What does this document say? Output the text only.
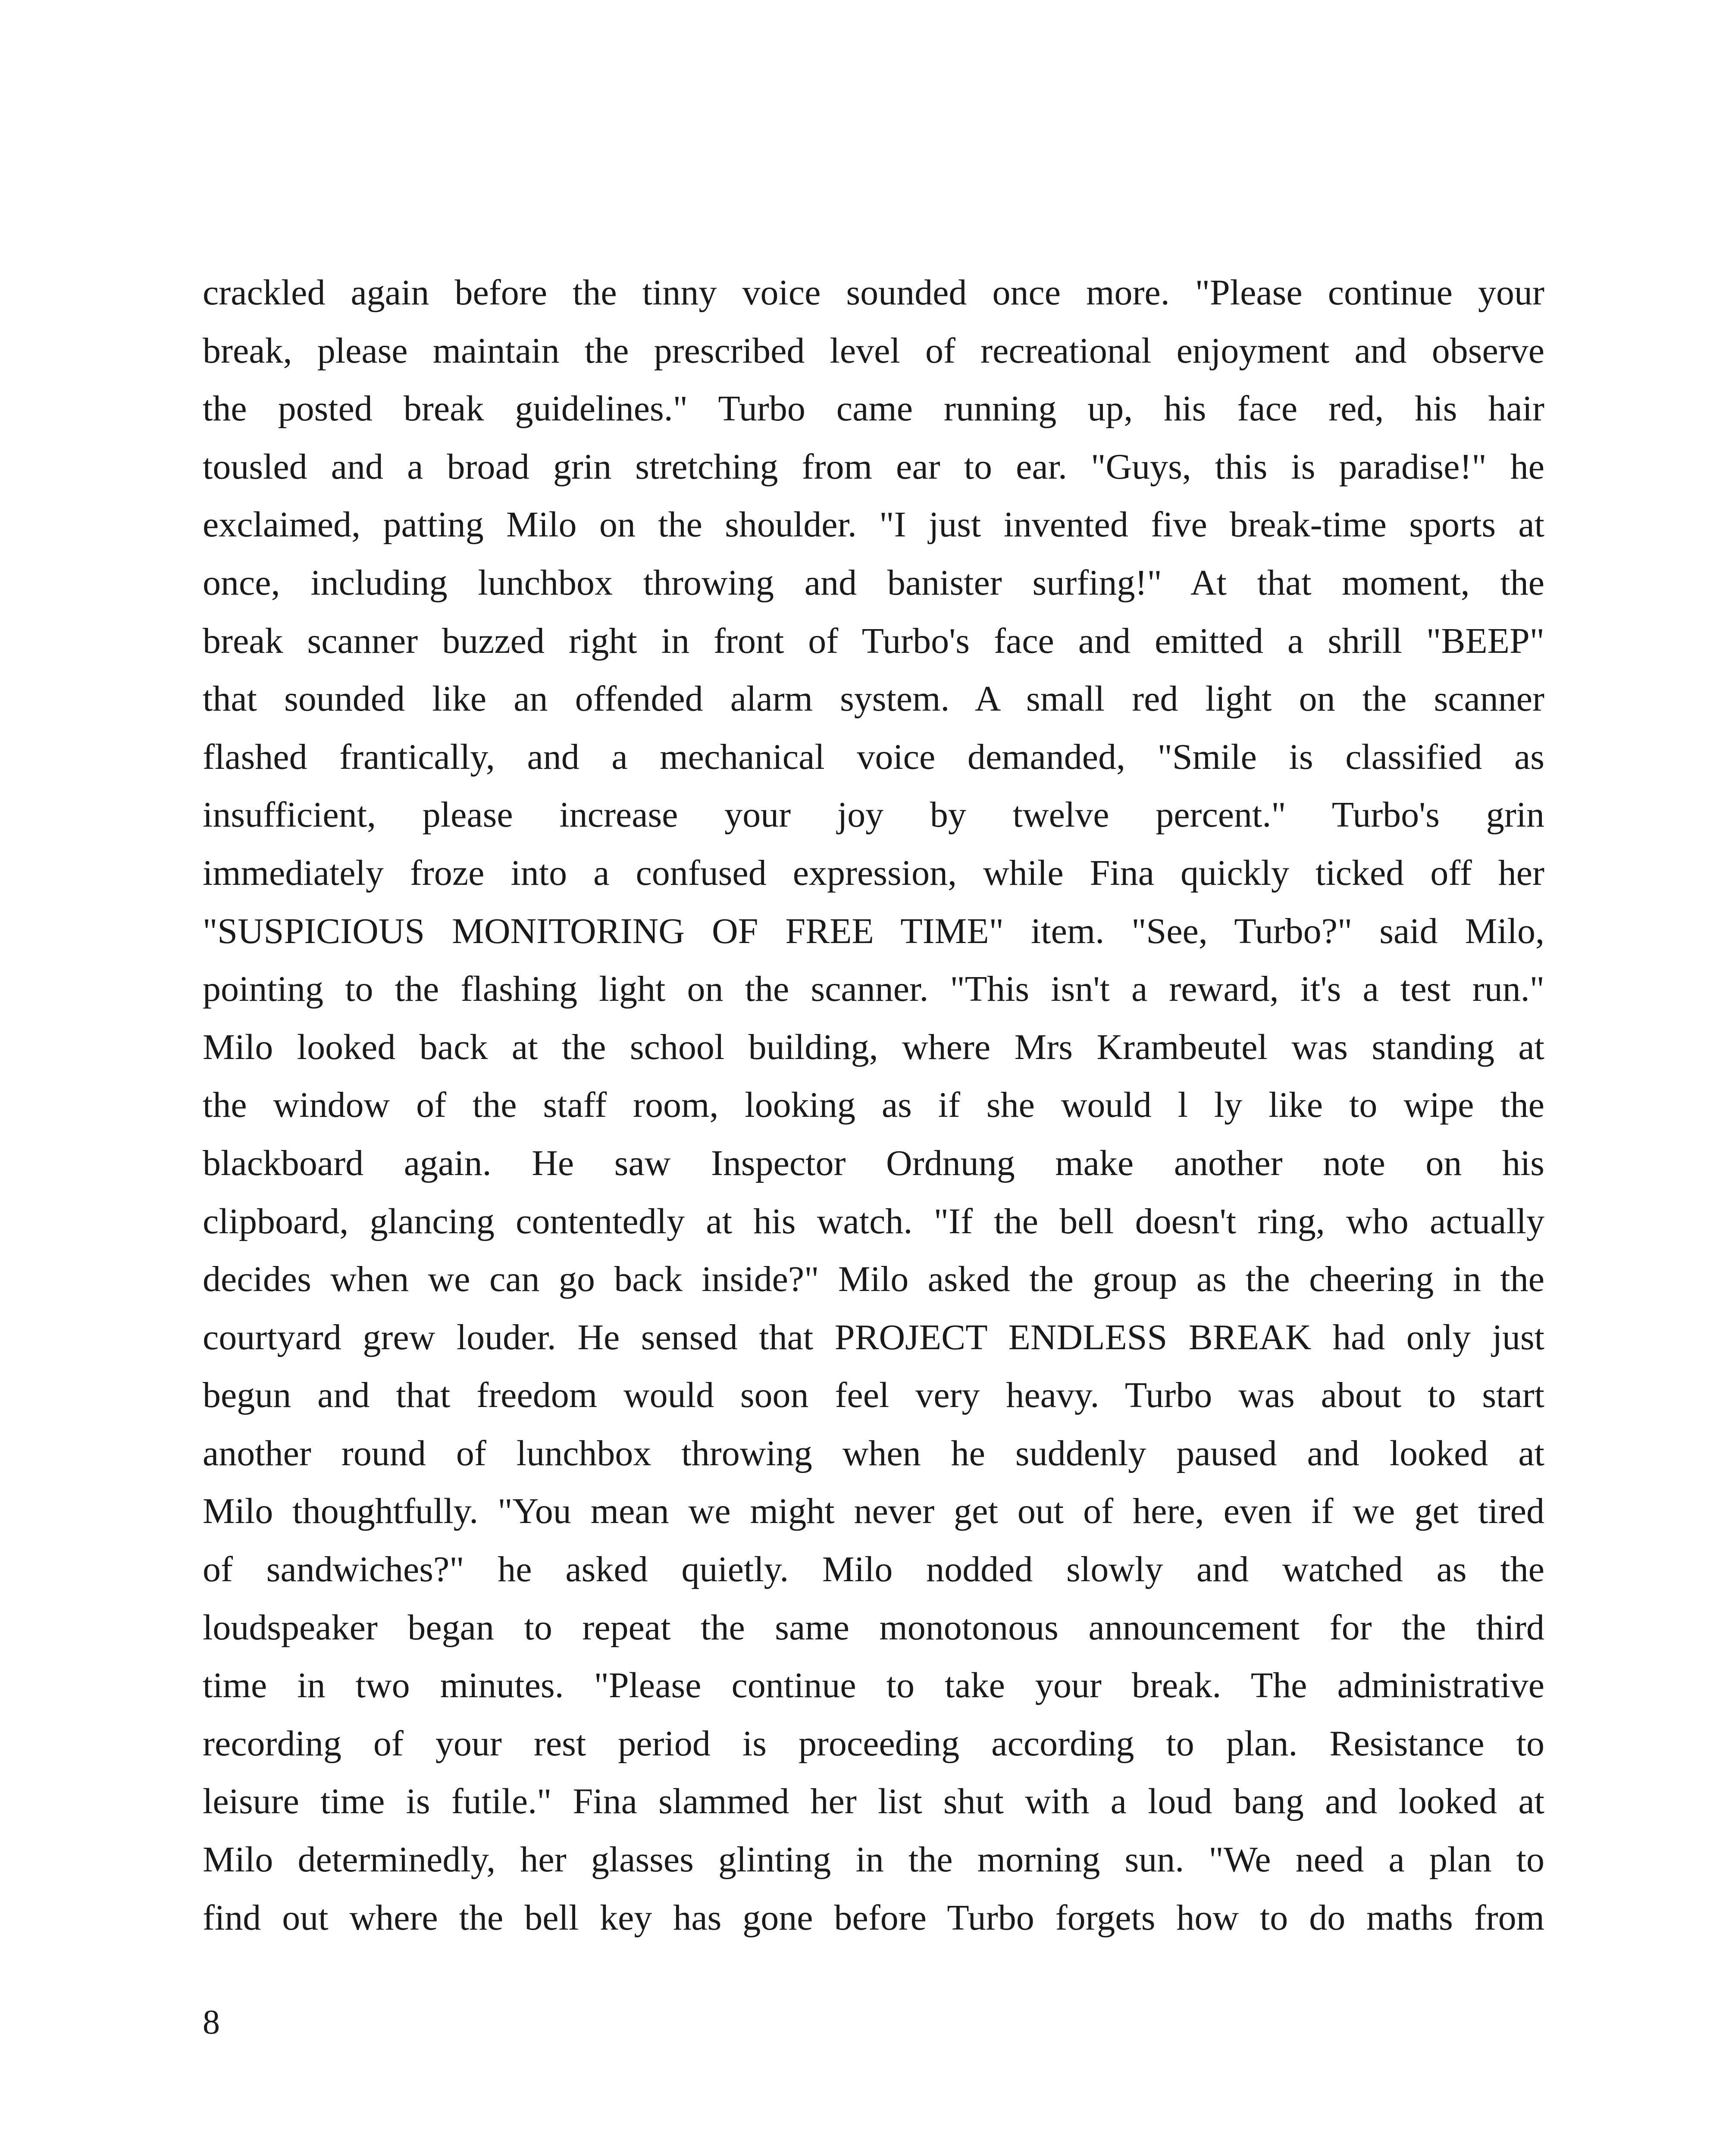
crackled again before the tinny voice sounded once more. "Please continue your
break, please maintain the prescribed level of recreational enjoyment and observe
the posted break guidelines." Turbo came running up, his face red, his hair
tousled and a broad grin stretching from ear to ear. "Guys, this is paradise!" he
exclaimed, patting Milo on the shoulder. "I just invented five break-time sports at
once, including lunchbox throwing and banister surfing!" At that moment, the
break scanner buzzed right in front of Turbo's face and emitted a shrill "BEEP"
that sounded like an offended alarm system. A small red light on the scanner
flashed frantically, and a mechanical voice demanded, "Smile is classified as
insufficient, please increase your joy by twelve percent." Turbo's grin
immediately froze into a confused expression, while Fina quickly ticked off her
"SUSPICIOUS MONITORING OF FREE TIME" item. "See, Turbo?" said Milo,
pointing to the flashing light on the scanner. "This isn't a reward, it's a test run."
Milo looked back at the school building, where Mrs Krambeutel was standing at
the window of the staff room, looking as if she would l ly like to wipe the
blackboard again. He saw Inspector Ordnung make another note on his
clipboard, glancing contentedly at his watch. "If the bell doesn't ring, who actually
decides when we can go back inside?" Milo asked the group as the cheering in the
courtyard grew louder. He sensed that PROJECT ENDLESS BREAK had only just
begun and that freedom would soon feel very heavy. Turbo was about to start
another round of lunchbox throwing when he suddenly paused and looked at
Milo thoughtfully. "You mean we might never get out of here, even if we get tired
of sandwiches?" he asked quietly. Milo nodded slowly and watched as the
loudspeaker began to repeat the same monotonous announcement for the third
time in two minutes. "Please continue to take your break. The administrative
recording of your rest period is proceeding according to plan. Resistance to
leisure time is futile." Fina slammed her list shut with a loud bang and looked at
Milo determinedly, her glasses glinting in the morning sun. "We need a plan to
find out where the bell key has gone before Turbo forgets how to do maths from
8
